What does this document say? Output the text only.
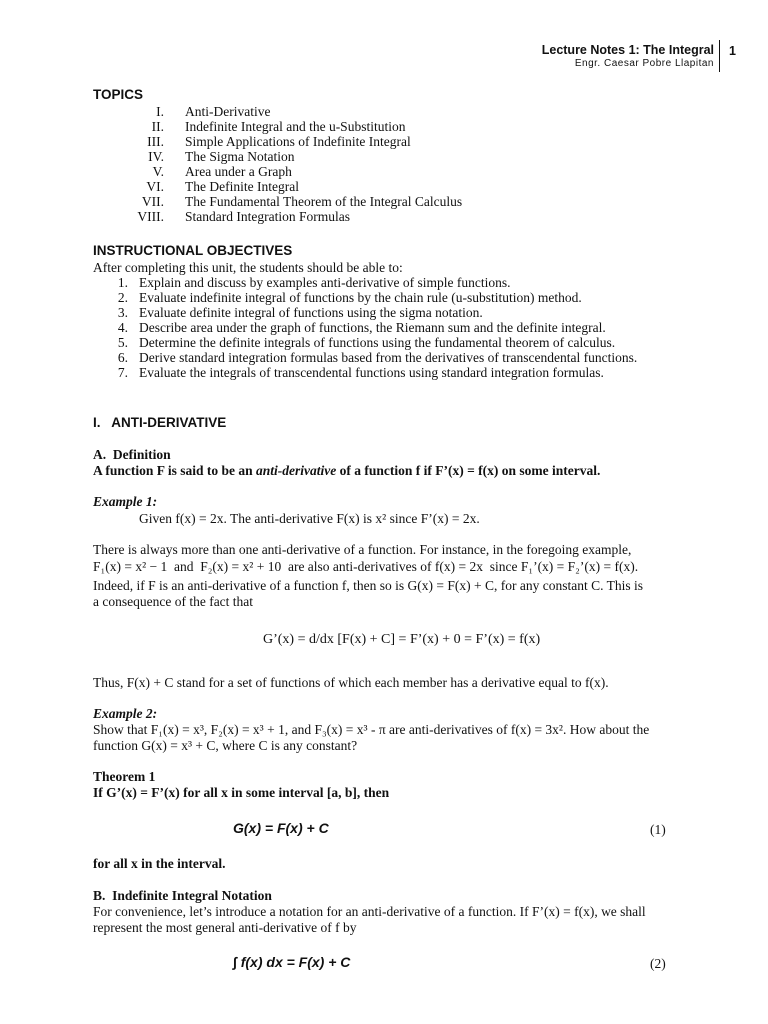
Lecture Notes 1: The Integral
Engr. Caesar Pobre Llapitan
1
TOPICS
I. Anti-Derivative
II. Indefinite Integral and the u-Substitution
III. Simple Applications of Indefinite Integral
IV. The Sigma Notation
V. Area under a Graph
VI. The Definite Integral
VII. The Fundamental Theorem of the Integral Calculus
VIII. Standard Integration Formulas
INSTRUCTIONAL OBJECTIVES
After completing this unit, the students should be able to:
1. Explain and discuss by examples anti-derivative of simple functions.
2. Evaluate indefinite integral of functions by the chain rule (u-substitution) method.
3. Evaluate definite integral of functions using the sigma notation.
4. Describe area under the graph of functions, the Riemann sum and the definite integral.
5. Determine the definite integrals of functions using the fundamental theorem of calculus.
6. Derive standard integration formulas based from the derivatives of transcendental functions.
7. Evaluate the integrals of transcendental functions using standard integration formulas.
I.   ANTI-DERIVATIVE
A.  Definition
A function F is said to be an anti-derivative of a function f if F’(x) = f(x) on some interval.
Example 1:
Given f(x) = 2x. The anti-derivative F(x) is x² since F’(x) = 2x.
There is always more than one anti-derivative of a function. For instance, in the foregoing example,
F₁(x) = x² − 1  and  F₂(x) = x² + 10  are also anti-derivatives of f(x) = 2x  since F₁’(x) = F₂’(x) = f(x).
Indeed, if F is an anti-derivative of a function f, then so is G(x) = F(x) + C, for any constant C. This is
a consequence of the fact that
G’(x) = d/dx [F(x) + C] = F’(x) + 0 = F’(x) = f(x)
Thus, F(x) + C stand for a set of functions of which each member has a derivative equal to f(x).
Example 2:
Show that F₁(x) = x³, F₂(x) = x³ + 1, and F₃(x) = x³ - π are anti-derivatives of f(x) = 3x². How about the
function G(x) = x³ + C, where C is any constant?
Theorem 1
If G’(x) = F’(x) for all x in some interval [a, b], then
G(x) = F(x) + C	(1)
for all x in the interval.
B.  Indefinite Integral Notation
For convenience, let’s introduce a notation for an anti-derivative of a function. If F’(x) = f(x), we shall
represent the most general anti-derivative of f by
∫ f(x) dx = F(x) + C	(2)
